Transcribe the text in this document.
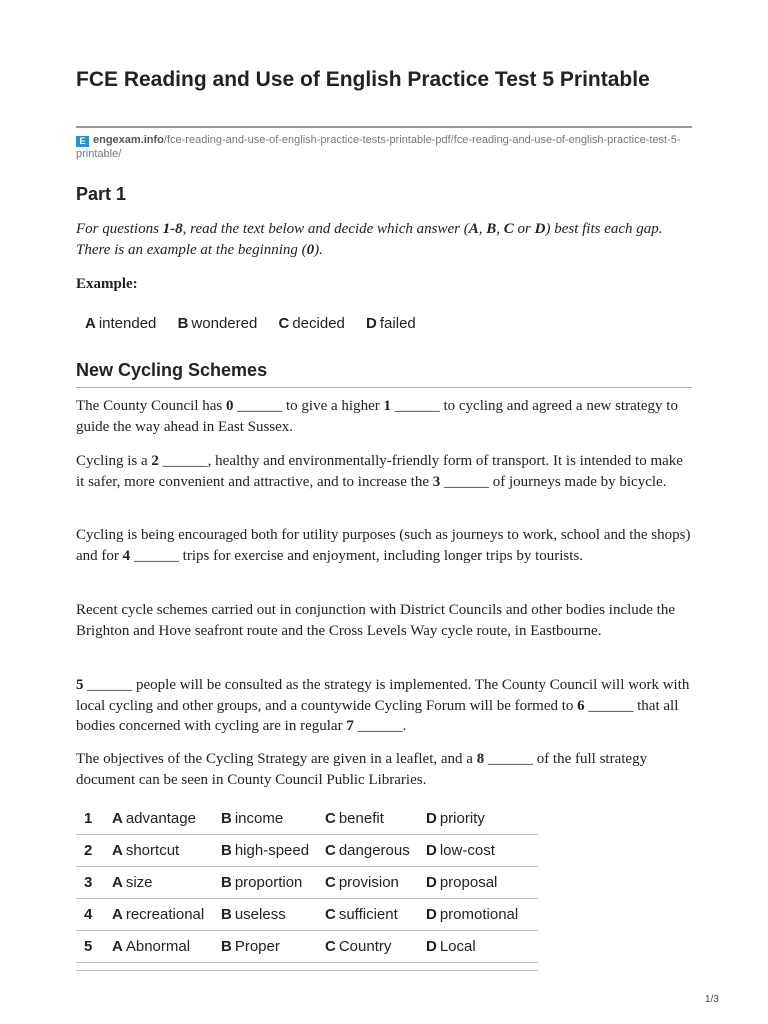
FCE Reading and Use of English Practice Test 5 Printable
E engexam.info/fce-reading-and-use-of-english-practice-tests-printable-pdf/fce-reading-and-use-of-english-practice-test-5-printable/
Part 1

For questions 1-8, read the text below and decide which answer (A, B, C or D) best fits each gap. There is an example at the beginning (0).

Example:
A intended B wondered C decided D failed
New Cycling Schemes

The County Council has 0 ______ to give a higher 1 ______ to cycling and agreed a new strategy to guide the way ahead in East Sussex.

Cycling is a 2 ______, healthy and environmentally-friendly form of transport. It is intended to make it safer, more convenient and attractive, and to increase the 3 ______ of journeys made by bicycle.

Cycling is being encouraged both for utility purposes (such as journeys to work, school and the shops) and for 4 ______ trips for exercise and enjoyment, including longer trips by tourists.

Recent cycle schemes carried out in conjunction with District Councils and other bodies include the Brighton and Hove seafront route and the Cross Levels Way cycle route, in Eastbourne.

5 ______ people will be consulted as the strategy is implemented. The County Council will work with local cycling and other groups, and a countywide Cycling Forum will be formed to 6 ______ that all bodies concerned with cycling are in regular 7 ______.

The objectives of the Cycling Strategy are given in a leaflet, and a 8 ______ of the full strategy document can be seen in County Council Public Libraries.

1	A advantage	B income	C benefit	D priority
2	A shortcut	B high-speed	C dangerous	D low-cost
3	A size	B proportion	C provision	D proposal
4	A recreational	B useless	C sufficient	D promotional
5	A Abnormal	B Proper	C Country	D Local
1/3
